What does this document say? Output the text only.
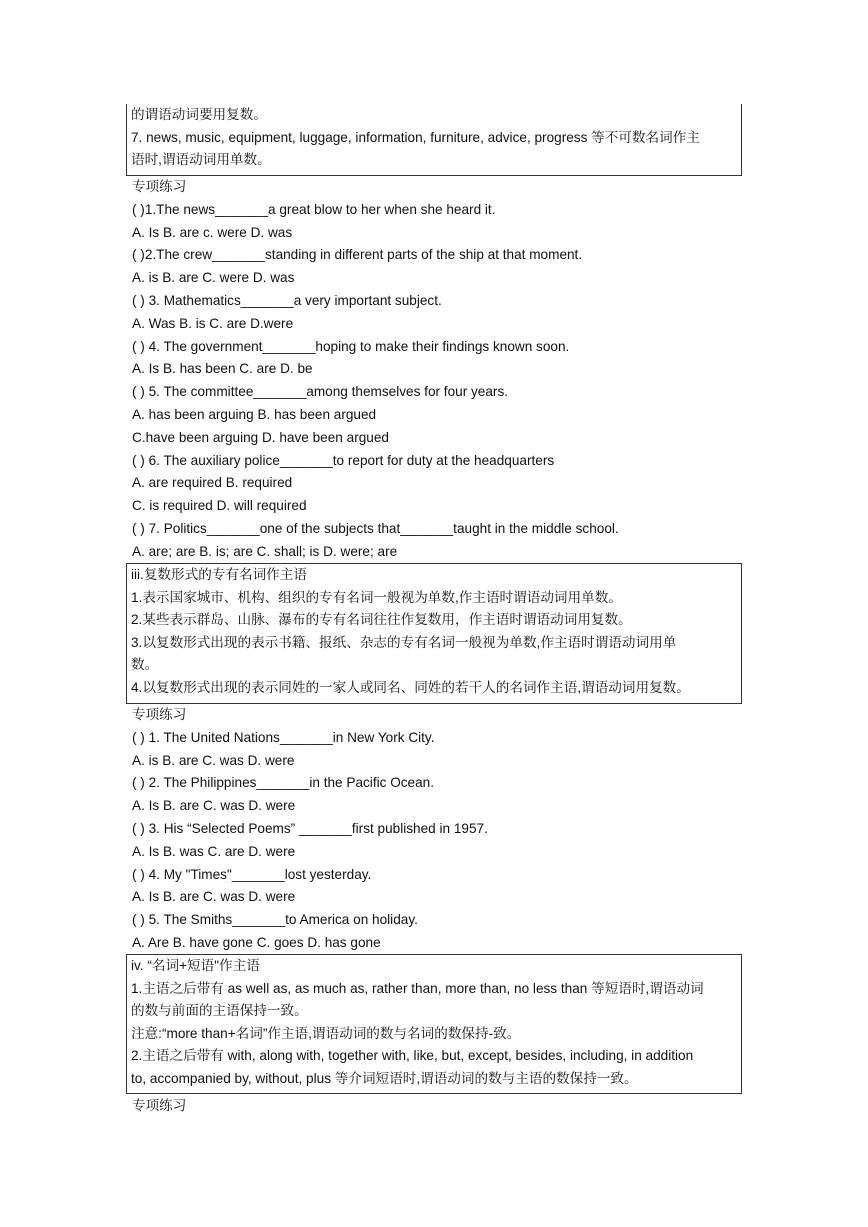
的谓语动词要用复数。
7. news, music, equipment, luggage, information, furniture, advice, progress 等不可数名词作主
语时,谓语动词用单数。
专项练习
( )1.The news_______a great blow to her when she heard it.
A. Is B. are c. were D. was
( )2.The crew_______standing in different parts of the ship at that moment.
A. is B. are C. were D. was
( ) 3. Mathematics_______a very important subject.
A. Was B. is C. are D.were
( ) 4. The government_______hoping to make their findings known soon.
A. Is B. has been C. are D. be
( ) 5. The committee_______among themselves for four years.
A. has been arguing B. has been argued
C.have been arguing D. have been argued
( ) 6. The auxiliary police_______to report for duty at the headquarters
A. are required B. required
C. is required D. will required
( ) 7. Politics_______one of the subjects that_______taught in the middle school.
A. are; are B. is; are C. shall; is D. were; are
iii.复数形式的专有名词作主语
1.表示国家城市、机构、组织的专有名词一般视为单数,作主语时谓语动词用单数。
2.某些表示群岛、山脉、瀑布的专有名词往往作复数用，作主语时谓语动词用复数。
3.以复数形式出现的表示书籍、报纸、杂志的专有名词一般视为单数,作主语时谓语动词用单
数。
4.以复数形式出现的表示同姓的一家人或同名、同姓的若干人的名词作主语,谓语动词用复数。
专项练习
( ) 1. The United Nations_______in New York City.
A. is B. are C. was D. were
( ) 2. The Philippines_______in the Pacific Ocean.
A. Is B. are C. was D. were
( ) 3. His “Selected Poems” _______first published in 1957.
A. Is B. was C. are D. were
( ) 4. My "Times"_______lost yesterday.
A. Is B. are C. was D. were
( ) 5. The Smiths_______to America on holiday.
A. Are B. have gone C. goes D. has gone
iv. “名词+短语"作主语
1.主语之后带有 as well as, as much as, rather than, more than, no less than 等短语时,谓语动词
的数与前面的主语保持一致。
注意:“more than+名词”作主语,谓语动词的数与名词的数保持-致。
2.主语之后带有 with, along with, together with, like, but, except, besides, including, in addition
to, accompanied by, without, plus 等介词短语时,谓语动词的数与主语的数保持一致。
专项练习
